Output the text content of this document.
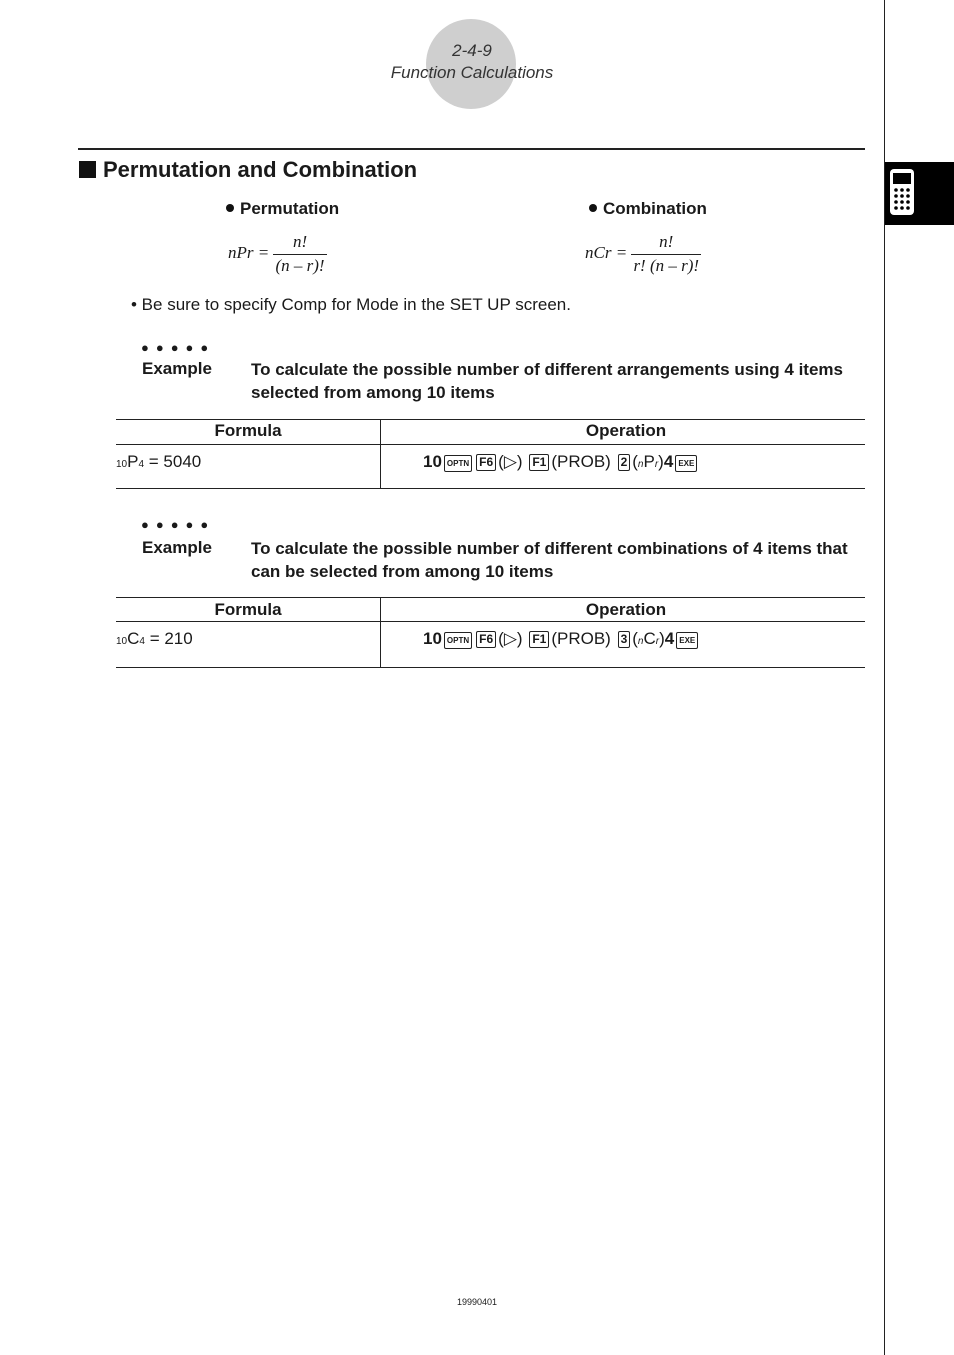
2-4-9
Function Calculations
Permutation and Combination
Permutation
nPr = $\frac{n!}{(n - r)!}$
Combination
nCr = $\frac{n!}{r! (n - r)!}$
• Be sure to specify Comp for Mode in the SET UP screen.
●●●●●
Example To calculate the possible number of different arrangements using 4 items selected from among 10 items
Formula	Operation
10P4 = 5040	10 OPTN F6 (▷) F1 (PROB) 2 (nPr)4 EXE
●●●●●
Example To calculate the possible number of different combinations of 4 items that can be selected from among 10 items
Formula	Operation
10C4 = 210	10 OPTN F6 (▷) F1 (PROB) 3 (nCr)4 EXE
19990401
